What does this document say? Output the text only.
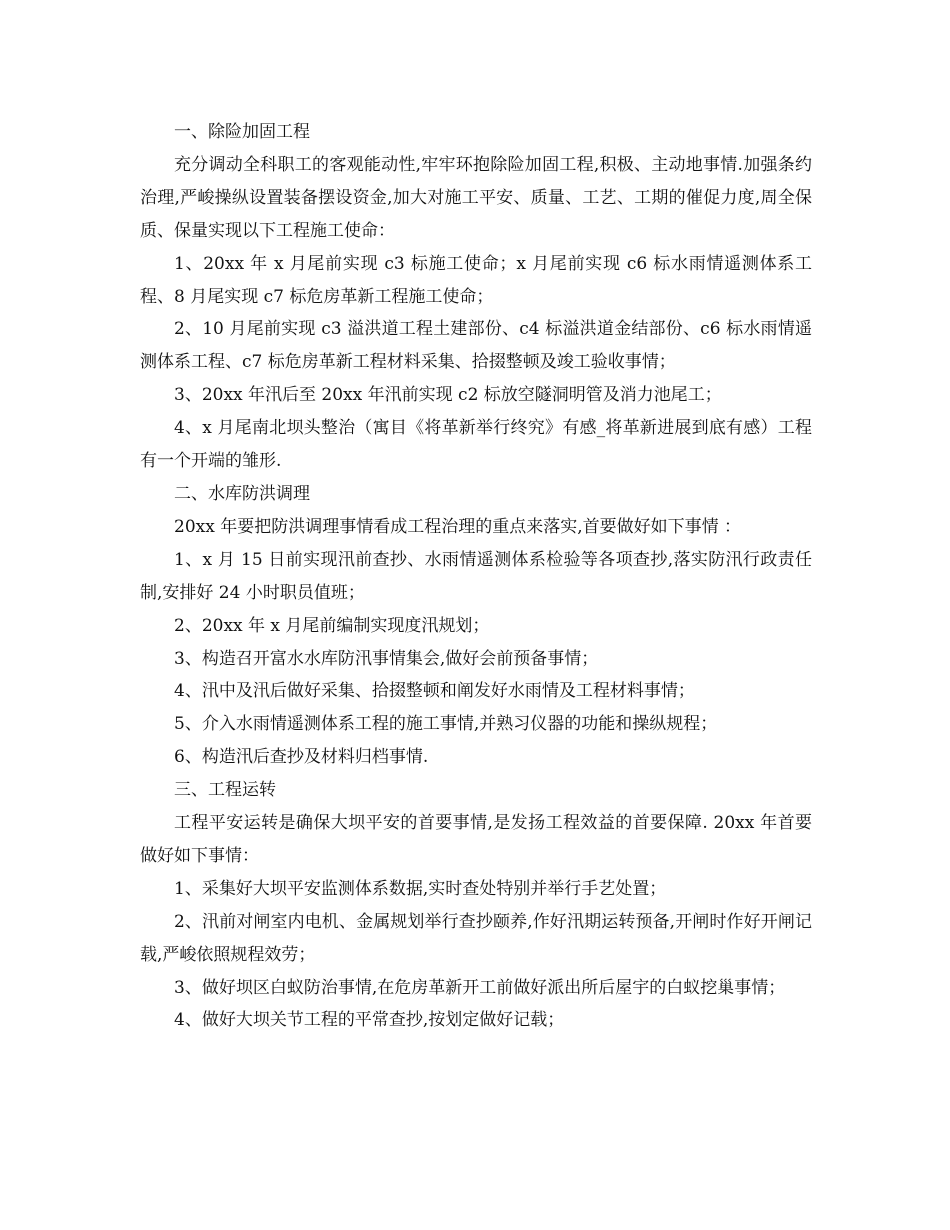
一、除险加固工程

充分调动全科职工的客观能动性,牢牢环抱除险加固工程,积极、主动地事情.加强条约治理,严峻操纵设置装备摆设资金,加大对施工平安、质量、工艺、工期的催促力度,周全保质、保量实现以下工程施工使命：

1、20xx 年 x 月尾前实现 c3 标施工使命；x 月尾前实现 c6 标水雨情遥测体系工程、8 月尾实现 c7 标危房革新工程施工使命；

2、10 月尾前实现 c3 溢洪道工程土建部份、c4 标溢洪道金结部份、c6 标水雨情遥测体系工程、c7 标危房革新工程材料采集、拾掇整顿及竣工验收事情；

3、20xx 年汛后至 20xx 年汛前实现 c2 标放空隧洞明管及消力池尾工；

4、x 月尾南北坝头整治（寓目《将革新举行终究》有感_将革新进展到底有感）工程有一个开端的雏形.

二、水库防洪调理

20xx 年要把防洪调理事情看成工程治理的重点来落实,首要做好如下事情 ：

1、x 月 15 日前实现汛前查抄、水雨情遥测体系检验等各项查抄,落实防汛行政责任制,安排好 24 小时职员值班；

2、20xx 年 x 月尾前编制实现度汛规划；

3、构造召开富水水库防汛事情集会,做好会前预备事情；

4、汛中及汛后做好采集、拾掇整顿和阐发好水雨情及工程材料事情；

5、介入水雨情遥测体系工程的施工事情,并熟习仪器的功能和操纵规程；

6、构造汛后查抄及材料归档事情.

三、工程运转

工程平安运转是确保大坝平安的首要事情,是发扬工程效益的首要保障. 20xx 年首要做好如下事情：

1、采集好大坝平安监测体系数据,实时查处特别并举行手艺处置；

2、汛前对闸室内电机、金属规划举行查抄颐养,作好汛期运转预备,开闸时作好开闸记载,严峻依照规程效劳；

3、做好坝区白蚁防治事情,在危房革新开工前做好派出所后屋宇的白蚁挖巢事情；

4、做好大坝关节工程的平常查抄,按划定做好记载；
